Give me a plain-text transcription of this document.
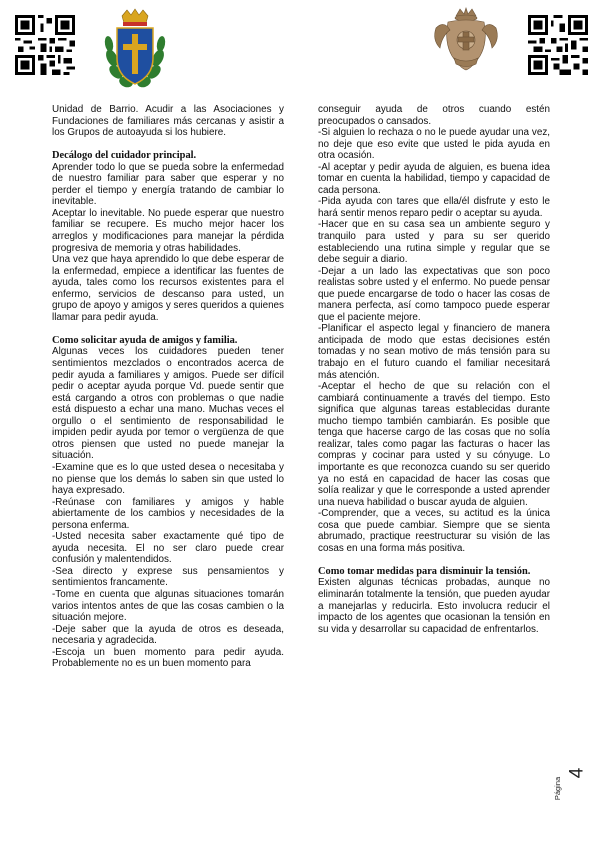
Unidad de Barrio. Acudir a las Asociaciones y Fundaciones de familiares más cercanas y asistir a los Grupos de autoayuda si los hubiere.

Decálogo del cuidador principal.

Aprender todo lo que se pueda sobre la enfermedad de nuestro familiar para saber que esperar y no perder el tiempo y energía tratando de cambiar lo inevitable.

Aceptar lo inevitable. No puede esperar que nuestro familiar se recupere. Es mucho mejor hacer los arreglos y modificaciones para manejar la pérdida progresiva de memoria y otras habilidades.

Una vez que haya aprendido lo que debe esperar de la enfermedad, empiece a identificar las fuentes de ayuda, tales como los recursos existentes para el enfermo, servicios de descanso para usted, un grupo de apoyo y amigos y seres queridos a quienes llamar para pedir ayuda.

Como solicitar ayuda de amigos y familia.

Algunas veces los cuidadores pueden tener sentimientos mezclados o encontrados acerca de pedir ayuda a familiares y amigos. Puede ser difícil pedir o aceptar ayuda porque Vd. puede sentir que está cargando a otros con problemas o que nadie está dispuesto a echar una mano. Muchas veces el orgullo o el sentimiento de responsabilidad le impiden pedir ayuda por temor o vergüenza de que otros piensen que usted no puede manejar la situación.

-Examine que es lo que usted desea o necesitaba y no piense que los demás lo saben sin que usted lo haya expresado.

-Reúnase con familiares y amigos y hable abiertamente de los cambios y necesidades de la persona enferma.

-Usted necesita saber exactamente qué tipo de ayuda necesita. El no ser claro puede crear confusión y malentendidos.

-Sea directo y exprese sus pensamientos y sentimientos francamente.

-Tome en cuenta que algunas situaciones tomarán varios intentos antes de que las cosas cambien o la situación mejore.

-Deje saber que la ayuda de otros es deseada, necesaria y agradecida.

-Escoja un buen momento para pedir ayuda. Probablemente no es un buen momento para

conseguir ayuda de otros cuando estén preocupados o cansados.

-Si alguien lo rechaza o no le puede ayudar una vez, no deje que eso evite que usted le pida ayuda en otra ocasión.

-Al aceptar y pedir ayuda de alguien, es buena idea tomar en cuenta la habilidad, tiempo y capacidad de cada persona.

-Pida ayuda con tares que ella/él disfrute y esto le hará sentir menos reparo pedir o aceptar su ayuda.

-Hacer que en su casa sea un ambiente seguro y tranquilo para usted y para su ser querido estableciendo una rutina simple y regular que se debe seguir a diario.

-Dejar a un lado las expectativas que son poco realistas sobre usted y el enfermo. No puede pensar que puede encargarse de todo o hacer las cosas de manera perfecta, así como tampoco puede esperar que el paciente mejore.

-Planificar el aspecto legal y financiero de manera anticipada de modo que estas decisiones estén tomadas y no sean motivo de más tensión para su trabajo en el futuro cuando el familiar necesitará más atención.

-Aceptar el hecho de que su relación con el cambiará continuamente a través del tiempo. Esto significa que algunas tareas establecidas durante mucho tiempo también cambiarán. Es posible que tenga que hacerse cargo de las cosas que no solía realizar, tales como pagar las facturas o hacer las compras y cocinar para usted y su cónyuge. Lo importante es que reconozca cuando su ser querido ya no está en capacidad de hacer las cosas que solía realizar y que le corresponde a usted aprender una nueva habilidad o buscar ayuda de alguien.

-Comprender, que a veces, su actitud es la única cosa que puede cambiar. Siempre que se sienta abrumado, practique reestructurar su visión de las cosas en una forma más positiva.

Como tomar medidas para disminuir la tensión.

Existen algunas técnicas probadas, aunque no eliminarán totalmente la tensión, que pueden ayudar a manejarlas y reducirla. Esto involucra reducir el impacto de los agentes que ocasionan la tensión en su vida y desarrollar su capacidad de enfrentarlos.

Página
4
